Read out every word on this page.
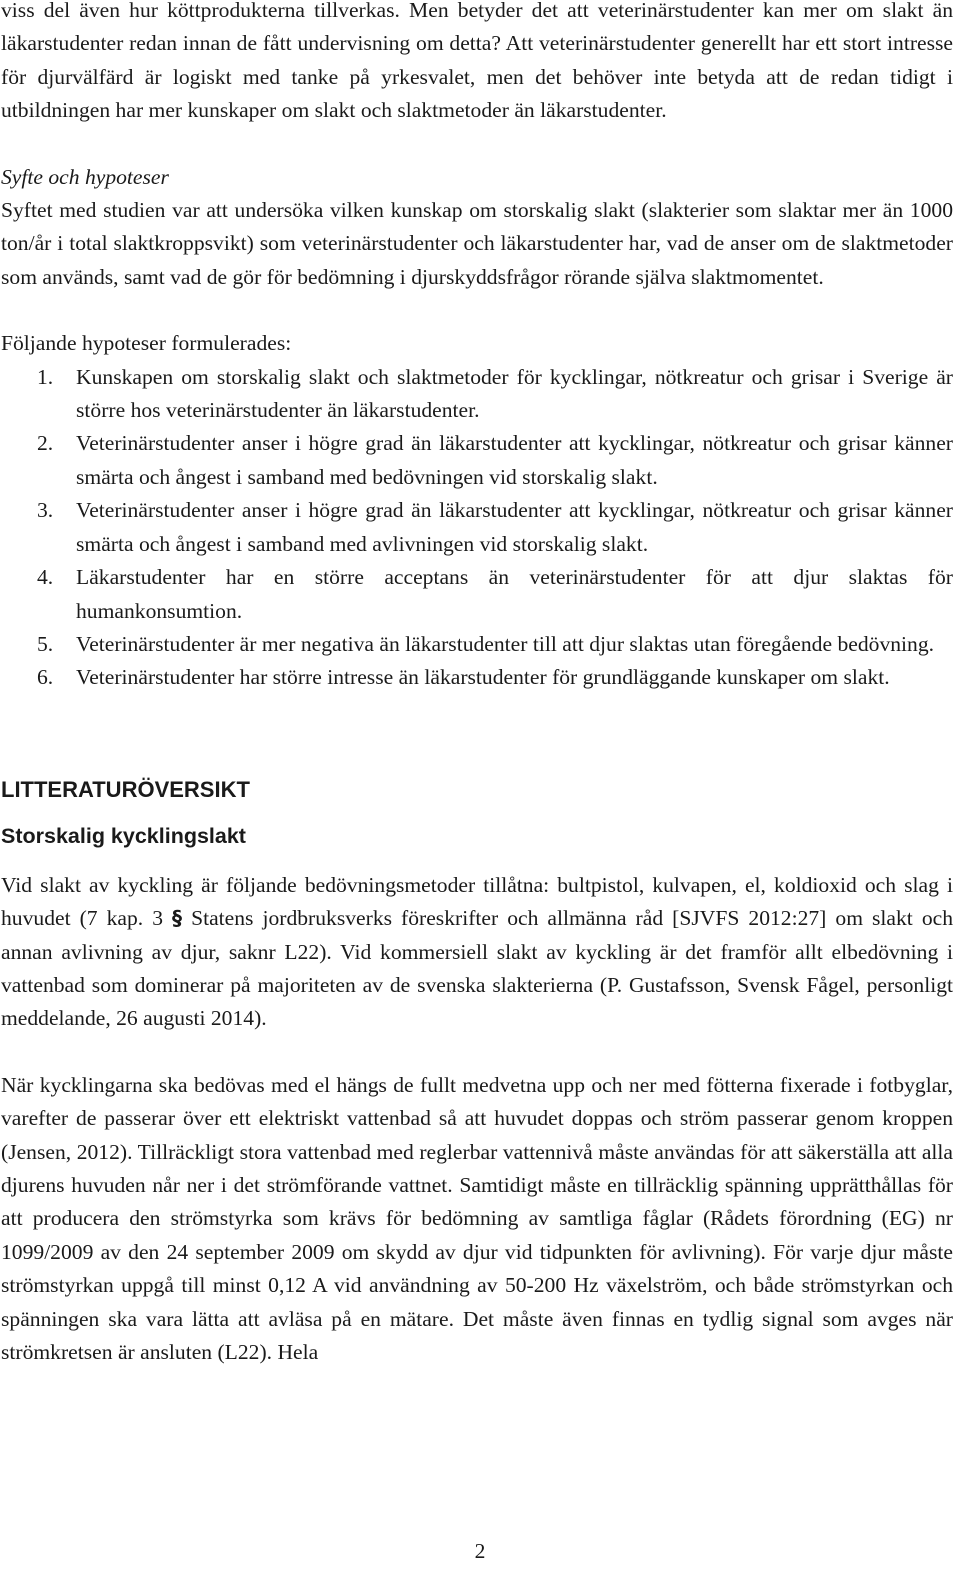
viss del även hur köttprodukterna tillverkas. Men betyder det att veterinärstudenter kan mer om slakt än läkarstudenter redan innan de fått undervisning om detta? Att veterinärstudenter generellt har ett stort intresse för djurvälfärd är logiskt med tanke på yrkesvalet, men det behöver inte betyda att de redan tidigt i utbildningen har mer kunskaper om slakt och slaktmetoder än läkarstudenter.

Syfte och hypoteser

Syftet med studien var att undersöka vilken kunskap om storskalig slakt (slakterier som slaktar mer än 1000 ton/år i total slaktkroppsvikt) som veterinärstudenter och läkarstudenter har, vad de anser om de slaktmetoder som används, samt vad de gör för bedömning i djurskyddsfrågor rörande själva slaktmomentet.

Följande hypoteser formulerades:

1.	Kunskapen om storskalig slakt och slaktmetoder för kycklingar, nötkreatur och grisar i Sverige är större hos veterinärstudenter än läkarstudenter.
2.	Veterinärstudenter anser i högre grad än läkarstudenter att kycklingar, nötkreatur och grisar känner smärta och ångest i samband med bedövningen vid storskalig slakt.
3.	Veterinärstudenter anser i högre grad än läkarstudenter att kycklingar, nötkreatur och grisar känner smärta och ångest i samband med avlivningen vid storskalig slakt.
4.	Läkarstudenter har en större acceptans än veterinärstudenter för att djur slaktas för humankonsumtion.
5.	Veterinärstudenter är mer negativa än läkarstudenter till att djur slaktas utan föregående bedövning.
6.	Veterinärstudenter har större intresse än läkarstudenter för grundläggande kunskaper om slakt.
LITTERATURÖVERSIKT
Storskalig kycklingslakt

Vid slakt av kyckling är följande bedövningsmetoder tillåtna: bultpistol, kulvapen, el, koldioxid och slag i huvudet (7 kap. 3 § Statens jordbruksverks föreskrifter och allmänna råd [SJVFS 2012:27] om slakt och annan avlivning av djur, saknr L22). Vid kommersiell slakt av kyckling är det framför allt elbedövning i vattenbad som dominerar på majoriteten av de svenska slakterierna (P. Gustafsson, Svensk Fågel, personligt meddelande, 26 augusti 2014).

När kycklingarna ska bedövas med el hängs de fullt medvetna upp och ner med fötterna fixerade i fotbyglar, varefter de passerar över ett elektriskt vattenbad så att huvudet doppas och ström passerar genom kroppen (Jensen, 2012). Tillräckligt stora vattenbad med reglerbar vattennivå måste användas för att säkerställa att alla djurens huvuden når ner i det strömförande vattnet. Samtidigt måste en tillräcklig spänning upprätthållas för att producera den strömstyrka som krävs för bedömning av samtliga fåglar (Rådets förordning (EG) nr 1099/2009 av den 24 september 2009 om skydd av djur vid tidpunkten för avlivning). För varje djur måste strömstyrkan uppgå till minst 0,12 A vid användning av 50-200 Hz växelström, och både strömstyrkan och spänningen ska vara lätta att avläsa på en mätare. Det måste även finnas en tydlig signal som avges när strömkretsen är ansluten (L22). Hela

2
